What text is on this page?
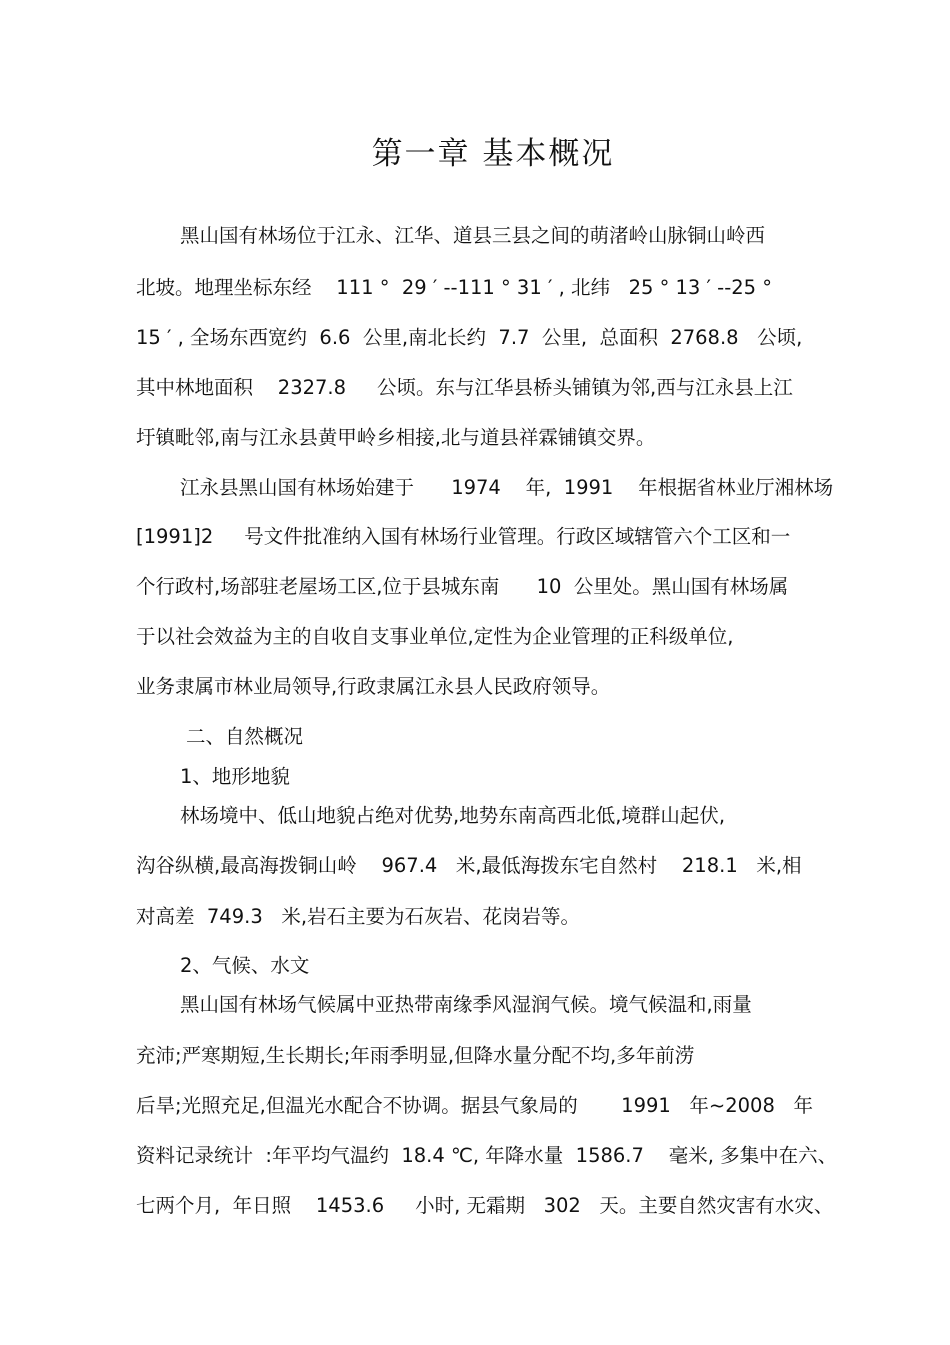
第一章 基本概况
黑山国有林场位于江永、江华、道县三县之间的萌渚岭山脉铜山岭西
北坡。地理坐标东经    111 °  29 ′ --111 ° 31 ′ , 北纬   25 ° 13 ′ --25 °
15 ′ , 全场东西宽约  6.6  公里,南北长约  7.7  公里,  总面积  2768.8   公顷,
其中林地面积    2327.8     公顷。东与江华县桥头铺镇为邻,西与江永县上江
圩镇毗邻,南与江永县黄甲岭乡相接,北与道县祥霖铺镇交界。
江永县黑山国有林场始建于      1974    年,  1991    年根据省林业厅湘林场
[1991]2     号文件批准纳入国有林场行业管理。行政区域辖管六个工区和一
个行政村,场部驻老屋场工区,位于县城东南      10  公里处。黑山国有林场属
于以社会效益为主的自收自支事业单位,定性为企业管理的正科级单位,
业务隶属市林业局领导,行政隶属江永县人民政府领导。
二、自然概况
1、地形地貌
林场境中、低山地貌占绝对优势,地势东南高西北低,境群山起伏,
沟谷纵横,最高海拨铜山岭    967.4   米,最低海拨东宅自然村    218.1   米,相
对高差  749.3   米,岩石主要为石灰岩、花岗岩等。
2、气候、水文
黑山国有林场气候属中亚热带南缘季风湿润气候。境气候温和,雨量
充沛;严寒期短,生长期长;年雨季明显,但降水量分配不均,多年前涝
后旱;光照充足,但温光水配合不协调。据县气象局的       1991   年~2008   年
资料记录统计  :年平均气温约  18.4 ℃, 年降水量  1586.7    毫米, 多集中在六、
七两个月,  年日照    1453.6     小时, 无霜期   302   天。主要自然灾害有水灾、
